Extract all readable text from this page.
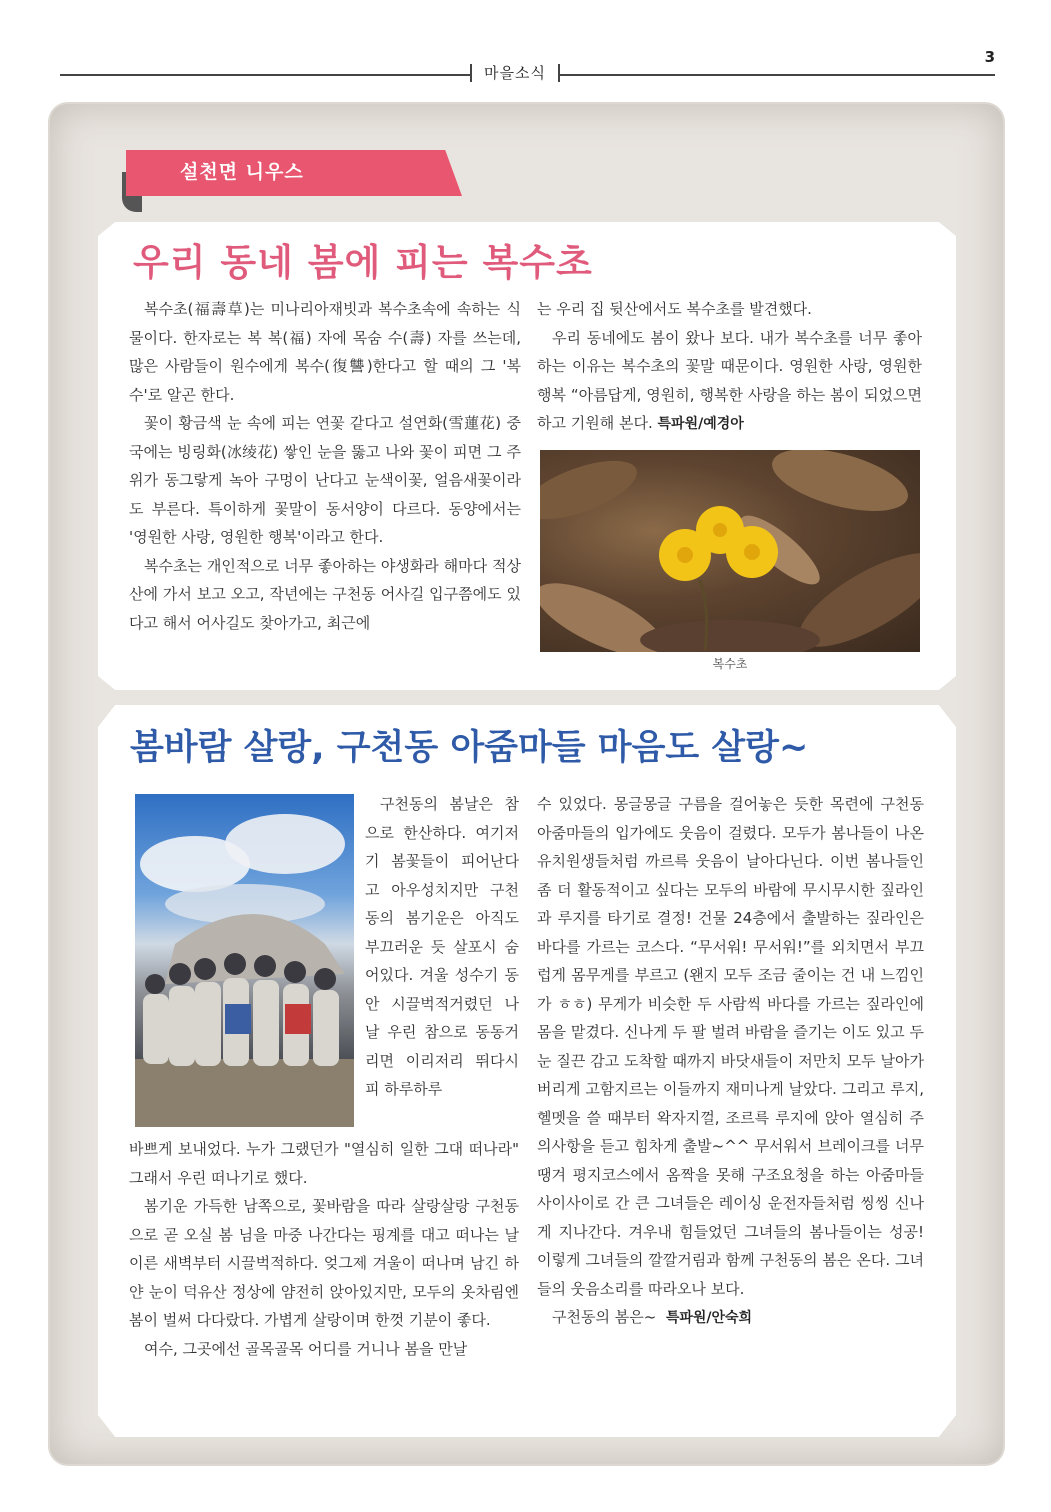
3
마을소식
설천면 니우스
우리 동네 봄에 피는 복수초

복수초(福壽草)는 미나리아재빗과 복수초속에 속하는 식물이다. 한자로는 복 복(福) 자에 목숨 수(壽) 자를 쓰는데, 많은 사람들이 원수에게 복수(復讐)한다고 할 때의 그 '복수'로 알곤 한다.

꽃이 황금색 눈 속에 피는 연꽃 같다고 설연화(雪蓮花) 중국에는 빙링화(冰绫花) 쌓인 눈을 뚫고 나와 꽃이 피면 그 주위가 동그랗게 녹아 구멍이 난다고 눈색이꽃, 얼음새꽃이라도 부른다. 특이하게 꽃말이 동서양이 다르다. 동양에서는 '영원한 사랑, 영원한 행복'이라고 한다.

복수초는 개인적으로 너무 좋아하는 야생화라 해마다 적상산에 가서 보고 오고, 작년에는 구천동 어사길 입구쯤에도 있다고 해서 어사길도 찾아가고, 최근에

는 우리 집 뒷산에서도 복수초를 발견했다.

우리 동네에도 봄이 왔나 보다. 내가 복수초를 너무 좋아하는 이유는 복수초의 꽃말 때문이다. 영원한 사랑, 영원한 행복 “아름답게, 영원히, 행복한 사랑을 하는 봄이 되었으면 하고 기원해 본다. 특파원/예경아

복수초
봄바람 살랑, 구천동 아줌마들 마음도 살랑~

구천동의 봄날은 참으로 한산하다. 여기저기 봄꽃들이 피어난다고 아우성치지만 구천동의 봄기운은 아직도 부끄러운 듯 살포시 숨어있다. 겨울 성수기 동안 시끌벅적거렸던 나날 우린 참으로 동동거리면 이리저리 뛰다시피 하루하루

바쁘게 보내었다. 누가 그랬던가 "열심히 일한 그대 떠나라" 그래서 우린 떠나기로 했다.

봄기운 가득한 남쪽으로, 꽃바람을 따라 살랑살랑 구천동으로 곧 오실 봄 님을 마중 나간다는 핑계를 대고 떠나는 날 이른 새벽부터 시끌벅적하다. 엊그제 겨울이 떠나며 남긴 하얀 눈이 덕유산 정상에 얌전히 앉아있지만, 모두의 옷차림엔 봄이 벌써 다다랐다. 가볍게 살랑이며 한껏 기분이 좋다.

여수, 그곳에선 골목골목 어디를 거니나 봄을 만날

수 있었다. 몽글몽글 구름을 걸어놓은 듯한 목련에 구천동 아줌마들의 입가에도 웃음이 걸렸다. 모두가 봄나들이 나온 유치원생들처럼 까르륵 웃음이 날아다닌다. 이번 봄나들인 좀 더 활동적이고 싶다는 모두의 바람에 무시무시한 짚라인과 루지를 타기로 결정! 건물 24층에서 출발하는 짚라인은 바다를 가르는 코스다. “무서워! 무서워!”를 외치면서 부끄럽게 몸무게를 부르고 (왠지 모두 조금 줄이는 건 내 느낌인가 ㅎㅎ) 무게가 비슷한 두 사람씩 바다를 가르는 짚라인에 몸을 맡겼다. 신나게 두 팔 벌려 바람을 즐기는 이도 있고 두 눈 질끈 감고 도착할 때까지 바닷새들이 저만치 모두 날아가 버리게 고함지르는 이들까지 재미나게 날았다. 그리고 루지, 헬멧을 쓸 때부터 왁자지껄, 조르륵 루지에 앉아 열심히 주의사항을 듣고 힘차게 출발~^^ 무서워서 브레이크를 너무 땡겨 평지코스에서 옴짝을 못해 구조요청을 하는 아줌마들 사이사이로 간 큰 그녀들은 레이싱 운전자들처럼 씽씽 신나게 지나간다. 겨우내 힘들었던 그녀들의 봄나들이는 성공! 이렇게 그녀들의 깔깔거림과 함께 구천동의 봄은 온다. 그녀들의 웃음소리를 따라오나 보다.

구천동의 봄은~ 특파원/안숙희
